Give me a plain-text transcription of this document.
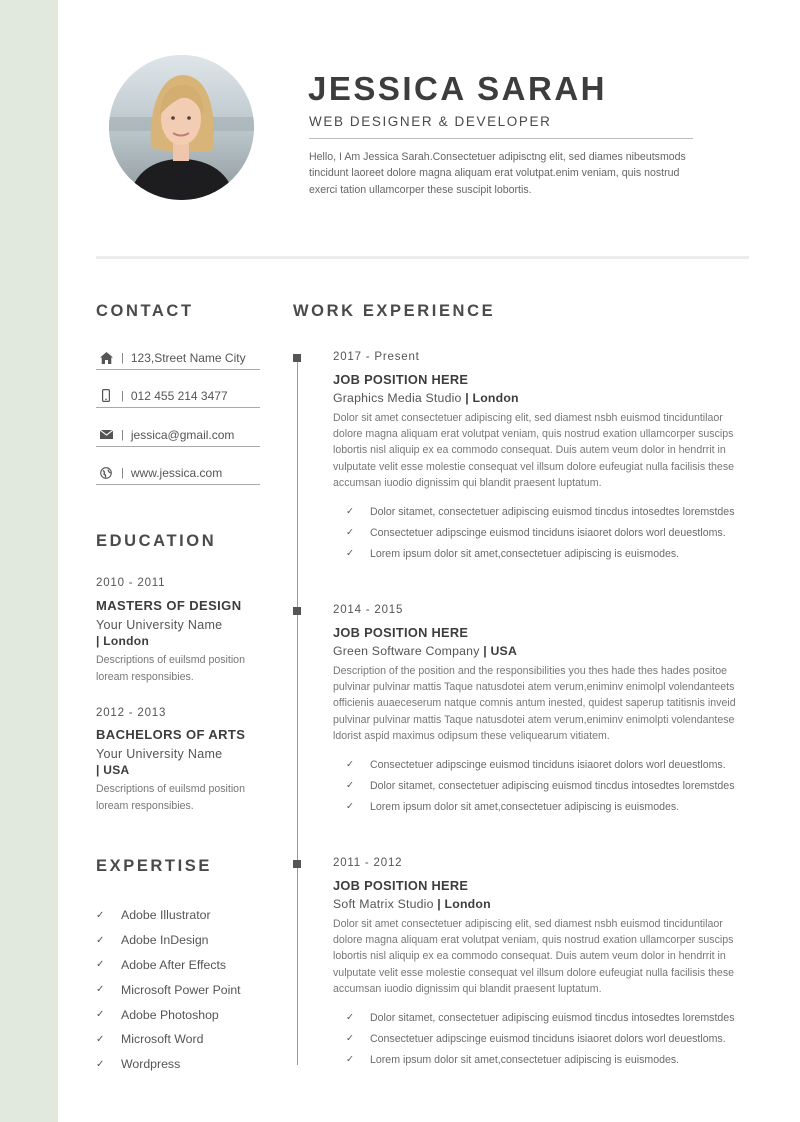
JESSICA SARAH
WEB DESIGNER & DEVELOPER
Hello, I Am Jessica Sarah.Consectetuer adipisctng elit, sed diames nibeutsmods tincidunt laoreet dolore magna aliquam erat volutpat.enim veniam, quis nostrud exerci tation ullamcorper these suscipit lobortis.
CONTACT
| 123,Street Name City
| 012 455 214 3477
| jessica@gmail.com
| www.jessica.com
EDUCATION
2010 - 2011
MASTERS OF DESIGN
Your University Name
| London
Descriptions of euilsmd position loream responsibies.
2012 - 2013
BACHELORS OF ARTS
Your University Name
| USA
Descriptions of euilsmd position loream responsibies.
EXPERTISE
✓	Adobe Illustrator
✓	Adobe InDesign
✓	Adobe After Effects
✓	Microsoft Power Point
✓	Adobe Photoshop
✓	Microsoft Word
✓	Wordpress
WORK EXPERIENCE
2017 - Present
JOB POSITION HERE
Graphics Media Studio | London
Dolor sit amet consectetuer adipiscing elit, sed diamest nsbh euismod tinciduntilaor dolore magna aliquam erat volutpat veniam, quis nostrud exation ullamcorper suscips lobortis nisl aliquip ex ea commodo consequat. Duis autem veum dolor in hendrrit in vulputate velit esse molestie consequat vel illsum dolore eufeugiat nulla facilisis these accumsan iuodio dignissim qui blandit praesent luptatum.
✓	Dolor sitamet, consectetuer adipiscing euismod tincdus intosedtes loremstdes
✓	Consectetuer adipscinge euismod tinciduns isiaoret dolors worl deuestloms.
✓	Lorem ipsum dolor sit amet,consectetuer adipiscing is euismodes.
2014 - 2015
JOB POSITION HERE
Green Software Company | USA
Description of the position and the responsibilities you thes hade thes hades positoe pulvinar pulvinar mattis Taque natusdotei atem verum,eniminv enimolpl volendanteets officienis auaeceserum natque comnis antum inested, quidest saperup tatitisnis inveid pulvinar pulvinar mattis Taque natusdotei atem verum,eniminv enimolpti volendantese ldorist aspid maximus odipsum these veliquearum vitiatem.
✓	Consectetuer adipscinge euismod tinciduns isiaoret dolors worl deuestloms.
✓	Dolor sitamet, consectetuer adipiscing euismod tincdus intosedtes loremstdes
✓	Lorem ipsum dolor sit amet,consectetuer adipiscing is euismodes.
2011 - 2012
JOB POSITION HERE
Soft Matrix Studio | London
Dolor sit amet consectetuer adipiscing elit, sed diamest nsbh euismod tinciduntilaor dolore magna aliquam erat volutpat veniam, quis nostrud exation ullamcorper suscips lobortis nisl aliquip ex ea commodo consequat. Duis autem veum dolor in hendrrit in vulputate velit esse molestie consequat vel illsum dolore eufeugiat nulla facilisis these accumsan iuodio dignissim qui blandit praesent luptatum.
✓	Dolor sitamet, consectetuer adipiscing euismod tincdus intosedtes loremstdes
✓	Consectetuer adipscinge euismod tinciduns isiaoret dolors worl deuestloms.
✓	Lorem ipsum dolor sit amet,consectetuer adipiscing is euismodes.
